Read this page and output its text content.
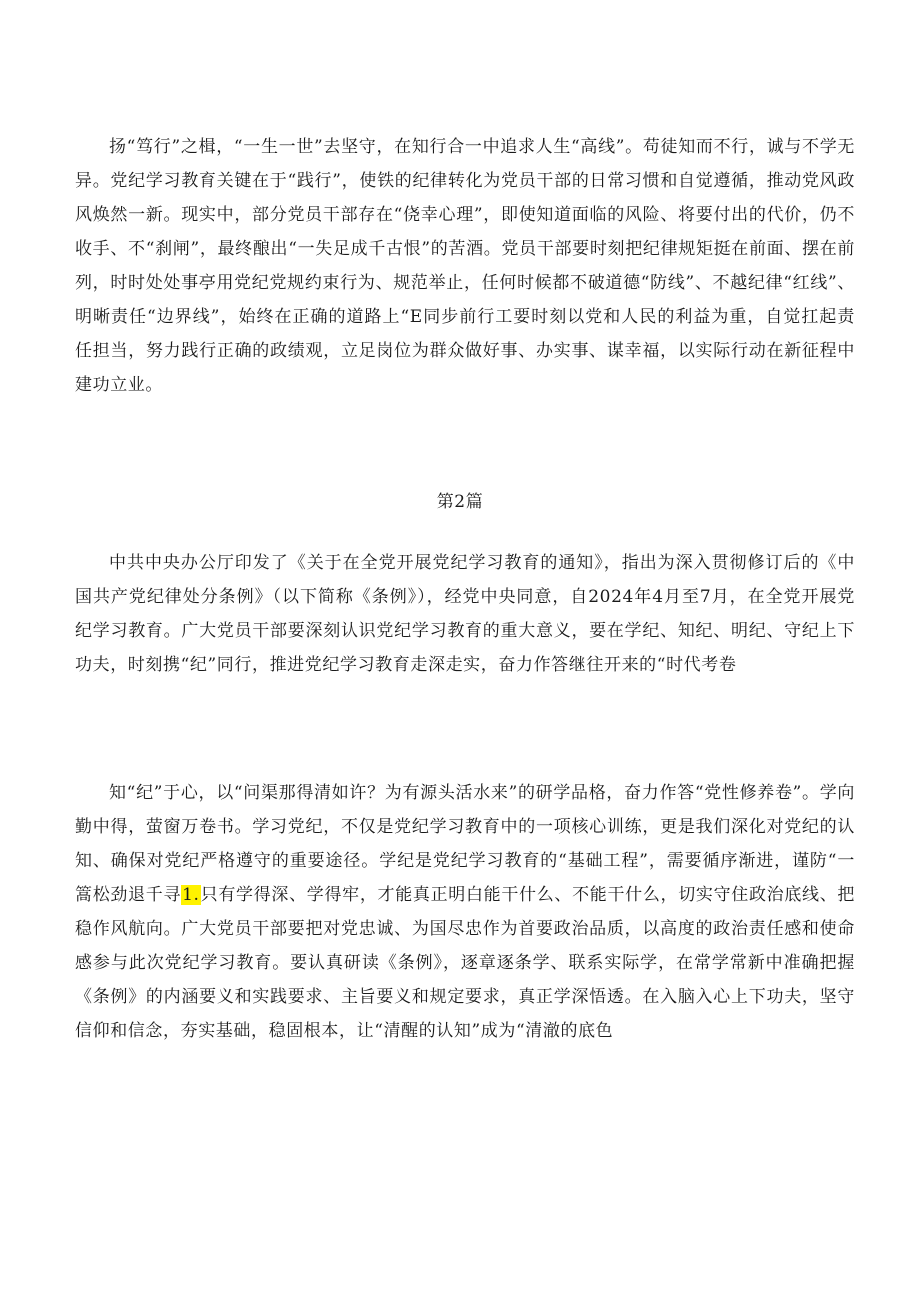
扬“笃行”之楫，“一生一世”去坚守，在知行合一中追求人生“高线”。苟徒知而不行，诚与不学无异。党纪学习教育关键在于“践行”，使铁的纪律转化为党员干部的日常习惯和自觉遵循，推动党风政风焕然一新。现实中，部分党员干部存在“侥幸心理”，即使知道面临的风险、将要付出的代价，仍不收手、不“刹闸”，最终酿出“一失足成千古恨”的苦酒。党员干部要时刻把纪律规矩挺在前面、摆在前列，时时处处事亭用党纪党规约束行为、规范举止，任何时候都不破道德“防线”、不越纪律“红线”、明晰责任“边界线”，始终在正确的道路上“E同步前行工要时刻以党和人民的利益为重，自觉扛起责任担当，努力践行正确的政绩观，立足岗位为群众做好事、办实事、谋幸福，以实际行动在新征程中建功立业。

第2篇

中共中央办公厅印发了《关于在全党开展党纪学习教育的通知》，指出为深入贯彻修订后的《中国共产党纪律处分条例》（以下简称《条例》），经党中央同意，自2024年4月至7月，在全党开展党纪学习教育。广大党员干部要深刻认识党纪学习教育的重大意义，要在学纪、知纪、明纪、守纪上下功夫，时刻携“纪”同行，推进党纪学习教育走深走实，奋力作答继往开来的“时代考卷

知“纪”于心，以“问渠那得清如许？为有源头活水来”的研学品格，奋力作答“党性修养卷”。学向勤中得，萤窗万卷书。学习党纪，不仅是党纪学习教育中的一项核心训练，更是我们深化对党纪的认知、确保对党纪严格遵守的重要途径。学纪是党纪学习教育的“基础工程”，需要循序渐进，谨防“一篙松劲退千寻1.只有学得深、学得牢，才能真正明白能干什么、不能干什么，切实守住政治底线、把稳作风航向。广大党员干部要把对党忠诚、为国尽忠作为首要政治品质，以高度的政治责任感和使命感参与此次党纪学习教育。要认真研读《条例》，逐章逐条学、联系实际学，在常学常新中准确把握《条例》的内涵要义和实践要求、主旨要义和规定要求，真正学深悟透。在入脑入心上下功夫，坚守信仰和信念，夯实基础，稳固根本，让“清醒的认知”成为“清澈的底色
